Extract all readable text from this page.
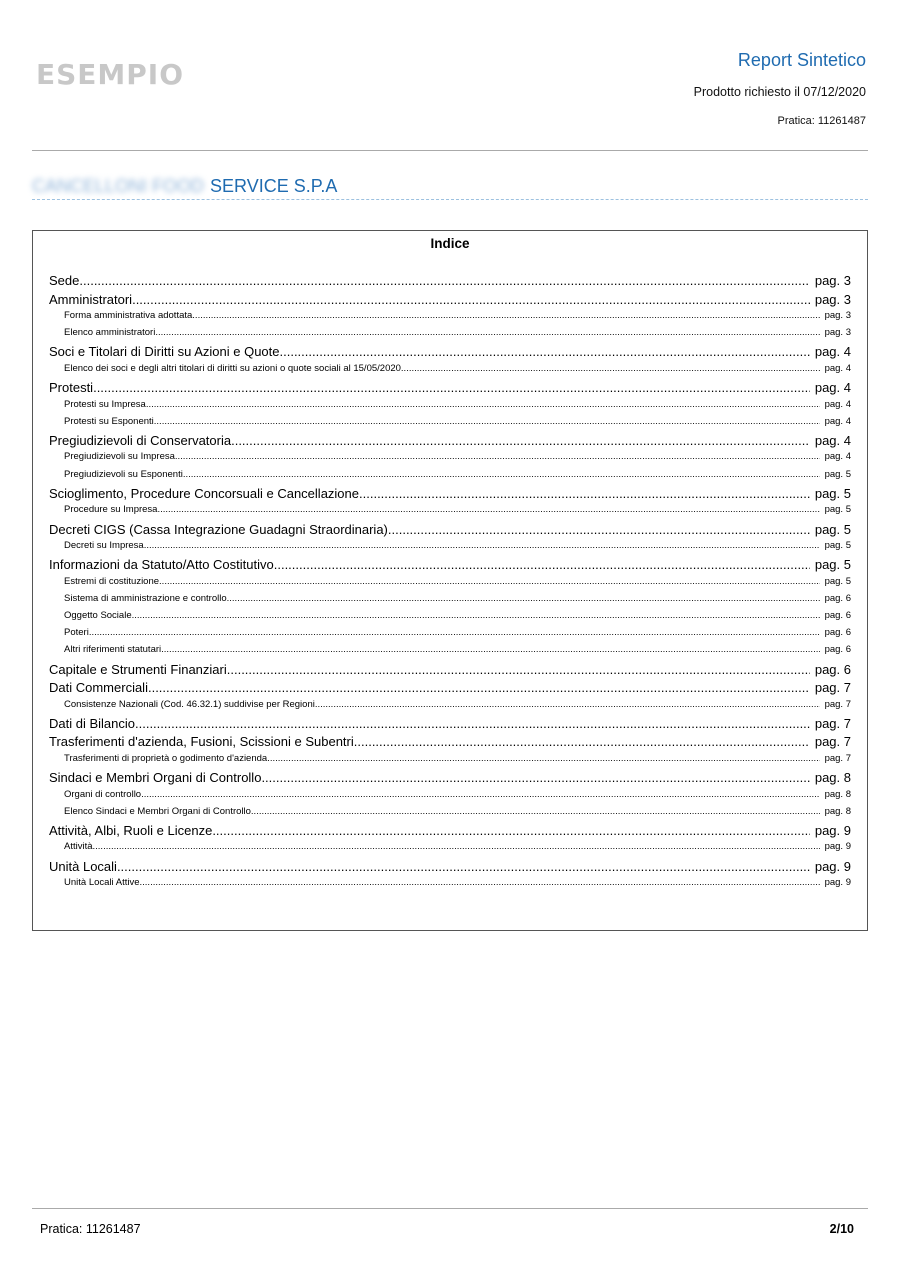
ESEMPIO	Report Sintetico
Prodotto richiesto il 07/12/2020
Pratica: 11261487
CANCELLONI FOOD SERVICE S.P.A
Indice
Sede .....	pag. 3
Amministratori .....	pag. 3
Forma amministrativa adottata .....	pag. 3
Elenco amministratori .....	pag. 3
Soci e Titolari di Diritti su Azioni e Quote .....	pag. 4
Elenco dei soci e degli altri titolari di diritti su azioni o quote sociali al 15/05/2020 .....	pag. 4
Protesti .....	pag. 4
Protesti su Impresa .....	pag. 4
Protesti su Esponenti .....	pag. 4
Pregiudizievoli di Conservatoria .....	pag. 4
Pregiudizievoli su Impresa .....	pag. 4
Pregiudizievoli su Esponenti .....	pag. 5
Scioglimento, Procedure Concorsuali e Cancellazione .....	pag. 5
Procedure su Impresa .....	pag. 5
Decreti CIGS (Cassa Integrazione Guadagni Straordinaria) .....	pag. 5
Decreti su Impresa .....	pag. 5
Informazioni da Statuto/Atto Costitutivo .....	pag. 5
Estremi di costituzione .....	pag. 5
Sistema di amministrazione e controllo .....	pag. 6
Oggetto Sociale .....	pag. 6
Poteri .....	pag. 6
Altri riferimenti statutari .....	pag. 6
Capitale e Strumenti Finanziari .....	pag. 6
Dati Commerciali .....	pag. 7
Consistenze Nazionali (Cod. 46.32.1) suddivise per Regioni .....	pag. 7
Dati di Bilancio .....	pag. 7
Trasferimenti d'azienda, Fusioni, Scissioni e Subentri .....	pag. 7
Trasferimenti di proprietà o godimento d'azienda .....	pag. 7
Sindaci e Membri Organi di Controllo .....	pag. 8
Organi di controllo .....	pag. 8
Elenco Sindaci e Membri Organi di Controllo .....	pag. 8
Attività, Albi, Ruoli e Licenze .....	pag. 9
Attività .....	pag. 9
Unità Locali .....	pag. 9
Unità Locali Attive .....	pag. 9
Pratica: 11261487	2/10
